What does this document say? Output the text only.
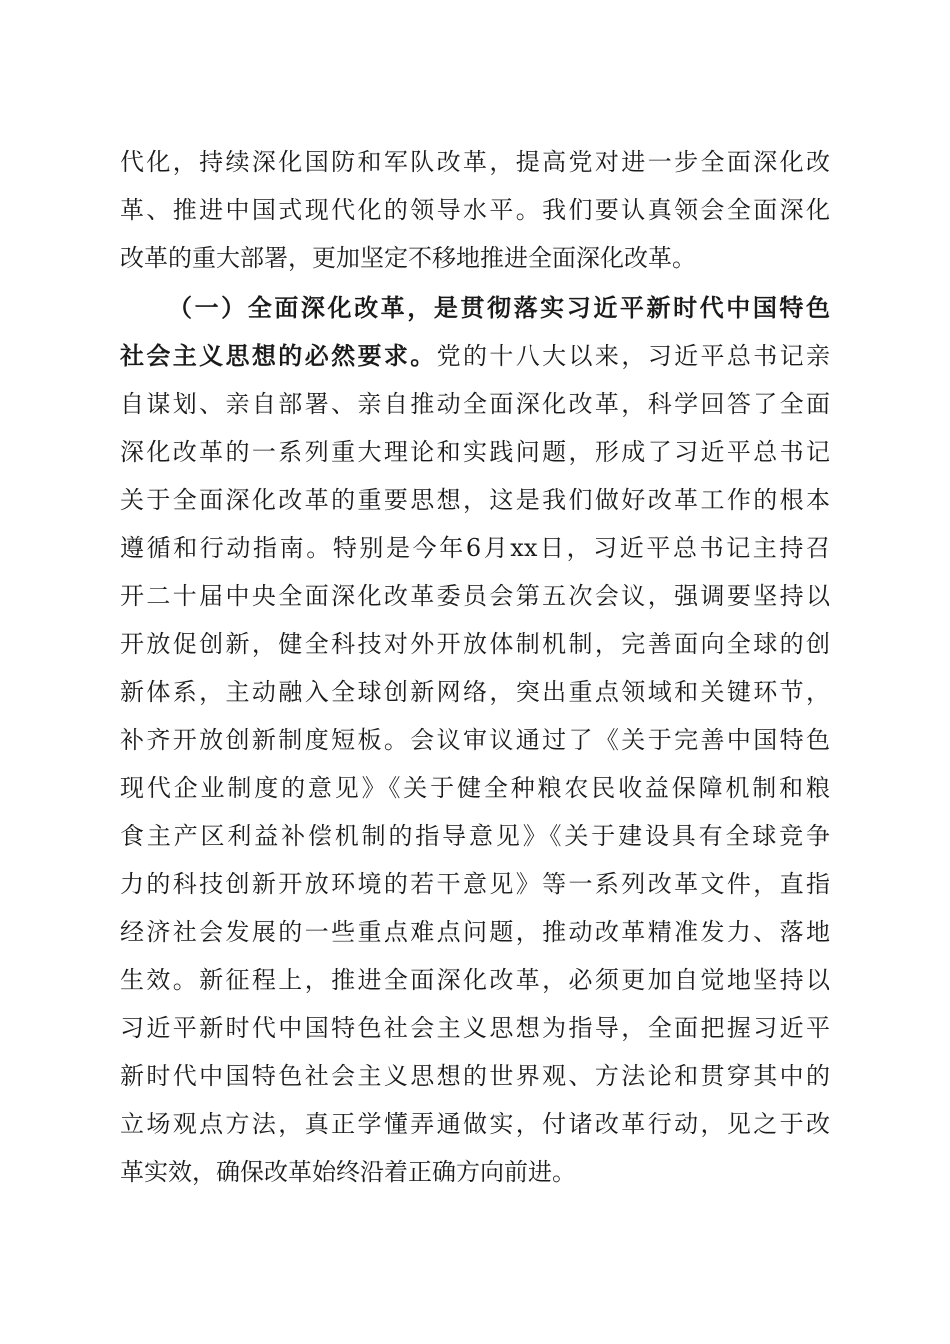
代化，持续深化国防和军队改革，提高党对进一步全面深化改
革、推进中国式现代化的领导水平。我们要认真领会全面深化
改革的重大部署，更加坚定不移地推进全面深化改革。
（一）全面深化改革，是贯彻落实习近平新时代中国特色
社会主义思想的必然要求。党的十八大以来，习近平总书记亲
自谋划、亲自部署、亲自推动全面深化改革，科学回答了全面
深化改革的一系列重大理论和实践问题，形成了习近平总书记
关于全面深化改革的重要思想，这是我们做好改革工作的根本
遵循和行动指南。特别是今年6月xx日，习近平总书记主持召
开二十届中央全面深化改革委员会第五次会议，强调要坚持以
开放促创新，健全科技对外开放体制机制，完善面向全球的创
新体系，主动融入全球创新网络，突出重点领域和关键环节，
补齐开放创新制度短板。会议审议通过了《关于完善中国特色
现代企业制度的意见》《关于健全种粮农民收益保障机制和粮
食主产区利益补偿机制的指导意见》《关于建设具有全球竞争
力的科技创新开放环境的若干意见》等一系列改革文件，直指
经济社会发展的一些重点难点问题，推动改革精准发力、落地
生效。新征程上，推进全面深化改革，必须更加自觉地坚持以
习近平新时代中国特色社会主义思想为指导，全面把握习近平
新时代中国特色社会主义思想的世界观、方法论和贯穿其中的
立场观点方法，真正学懂弄通做实，付诸改革行动，见之于改
革实效，确保改革始终沿着正确方向前进。
